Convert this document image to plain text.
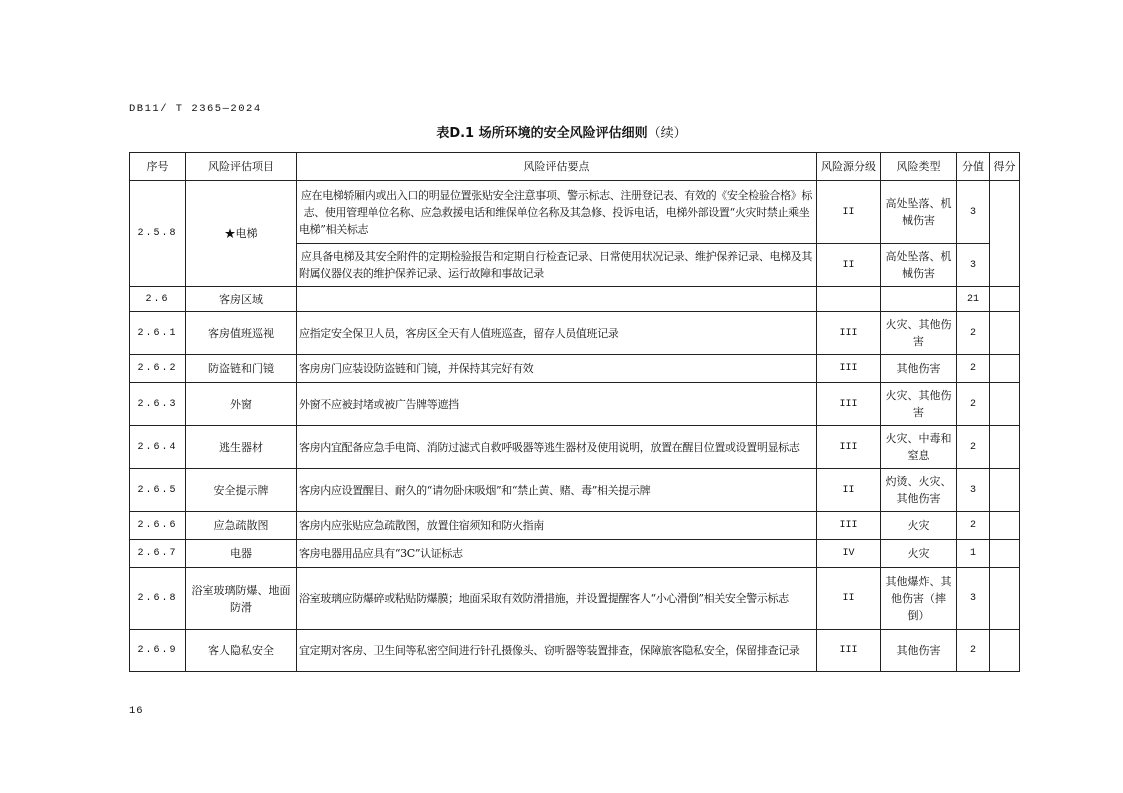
DB11/ T 2365—2024
表D.1 场所环境的安全风险评估细则（续）
序号	风险评估项目	风险评估要点	风险源分级	风险类型	分值	得分
2.5.8	★电梯	应在电梯轿厢内或出入口的明显位置张贴安全注意事项、警示标志、注册登记表、有效的《安全检验合格》标志、使用管理单位名称、应急救援电话和维保单位名称及其急修、投诉电话，电梯外部设置“火灾时禁止乘坐电梯”相关标志	II	高处坠落、机械伤害	3	
		应具备电梯及其安全附件的定期检验报告和定期自行检查记录、日常使用状况记录、维护保养记录、电梯及其附属仪器仪表的维护保养记录、运行故障和事故记录	II	高处坠落、机械伤害	3	
2.6	客房区域				21	
2.6.1	客房值班巡视	应指定安全保卫人员，客房区全天有人值班巡查，留存人员值班记录	III	火灾、其他伤害	2	
2.6.2	防盗链和门镜	客房房门应装设防盗链和门镜，并保持其完好有效	III	其他伤害	2	
2.6.3	外窗	外窗不应被封堵或被广告牌等遮挡	III	火灾、其他伤害	2	
2.6.4	逃生器材	客房内宜配备应急手电筒、消防过滤式自救呼吸器等逃生器材及使用说明，放置在醒目位置或设置明显标志	III	火灾、中毒和窒息	2	
2.6.5	安全提示牌	客房内应设置醒目、耐久的“请勿卧床吸烟”和“禁止黄、赌、毒”相关提示牌	II	灼烫、火灾、其他伤害	3	
2.6.6	应急疏散图	客房内应张贴应急疏散图，放置住宿须知和防火指南	III	火灾	2	
2.6.7	电器	客房电器用品应具有“3C”认证标志	IV	火灾	1	
2.6.8	浴室玻璃防爆、地面防滑	浴室玻璃应防爆碎或粘贴防爆膜；地面采取有效防滑措施，并设置提醒客人“小心滑倒”相关安全警示标志	II	其他爆炸、其他伤害（摔倒）	3	
2.6.9	客人隐私安全	宜定期对客房、卫生间等私密空间进行针孔摄像头、窃听器等装置排查，保障旅客隐私安全，保留排查记录	III	其他伤害	2	
16
